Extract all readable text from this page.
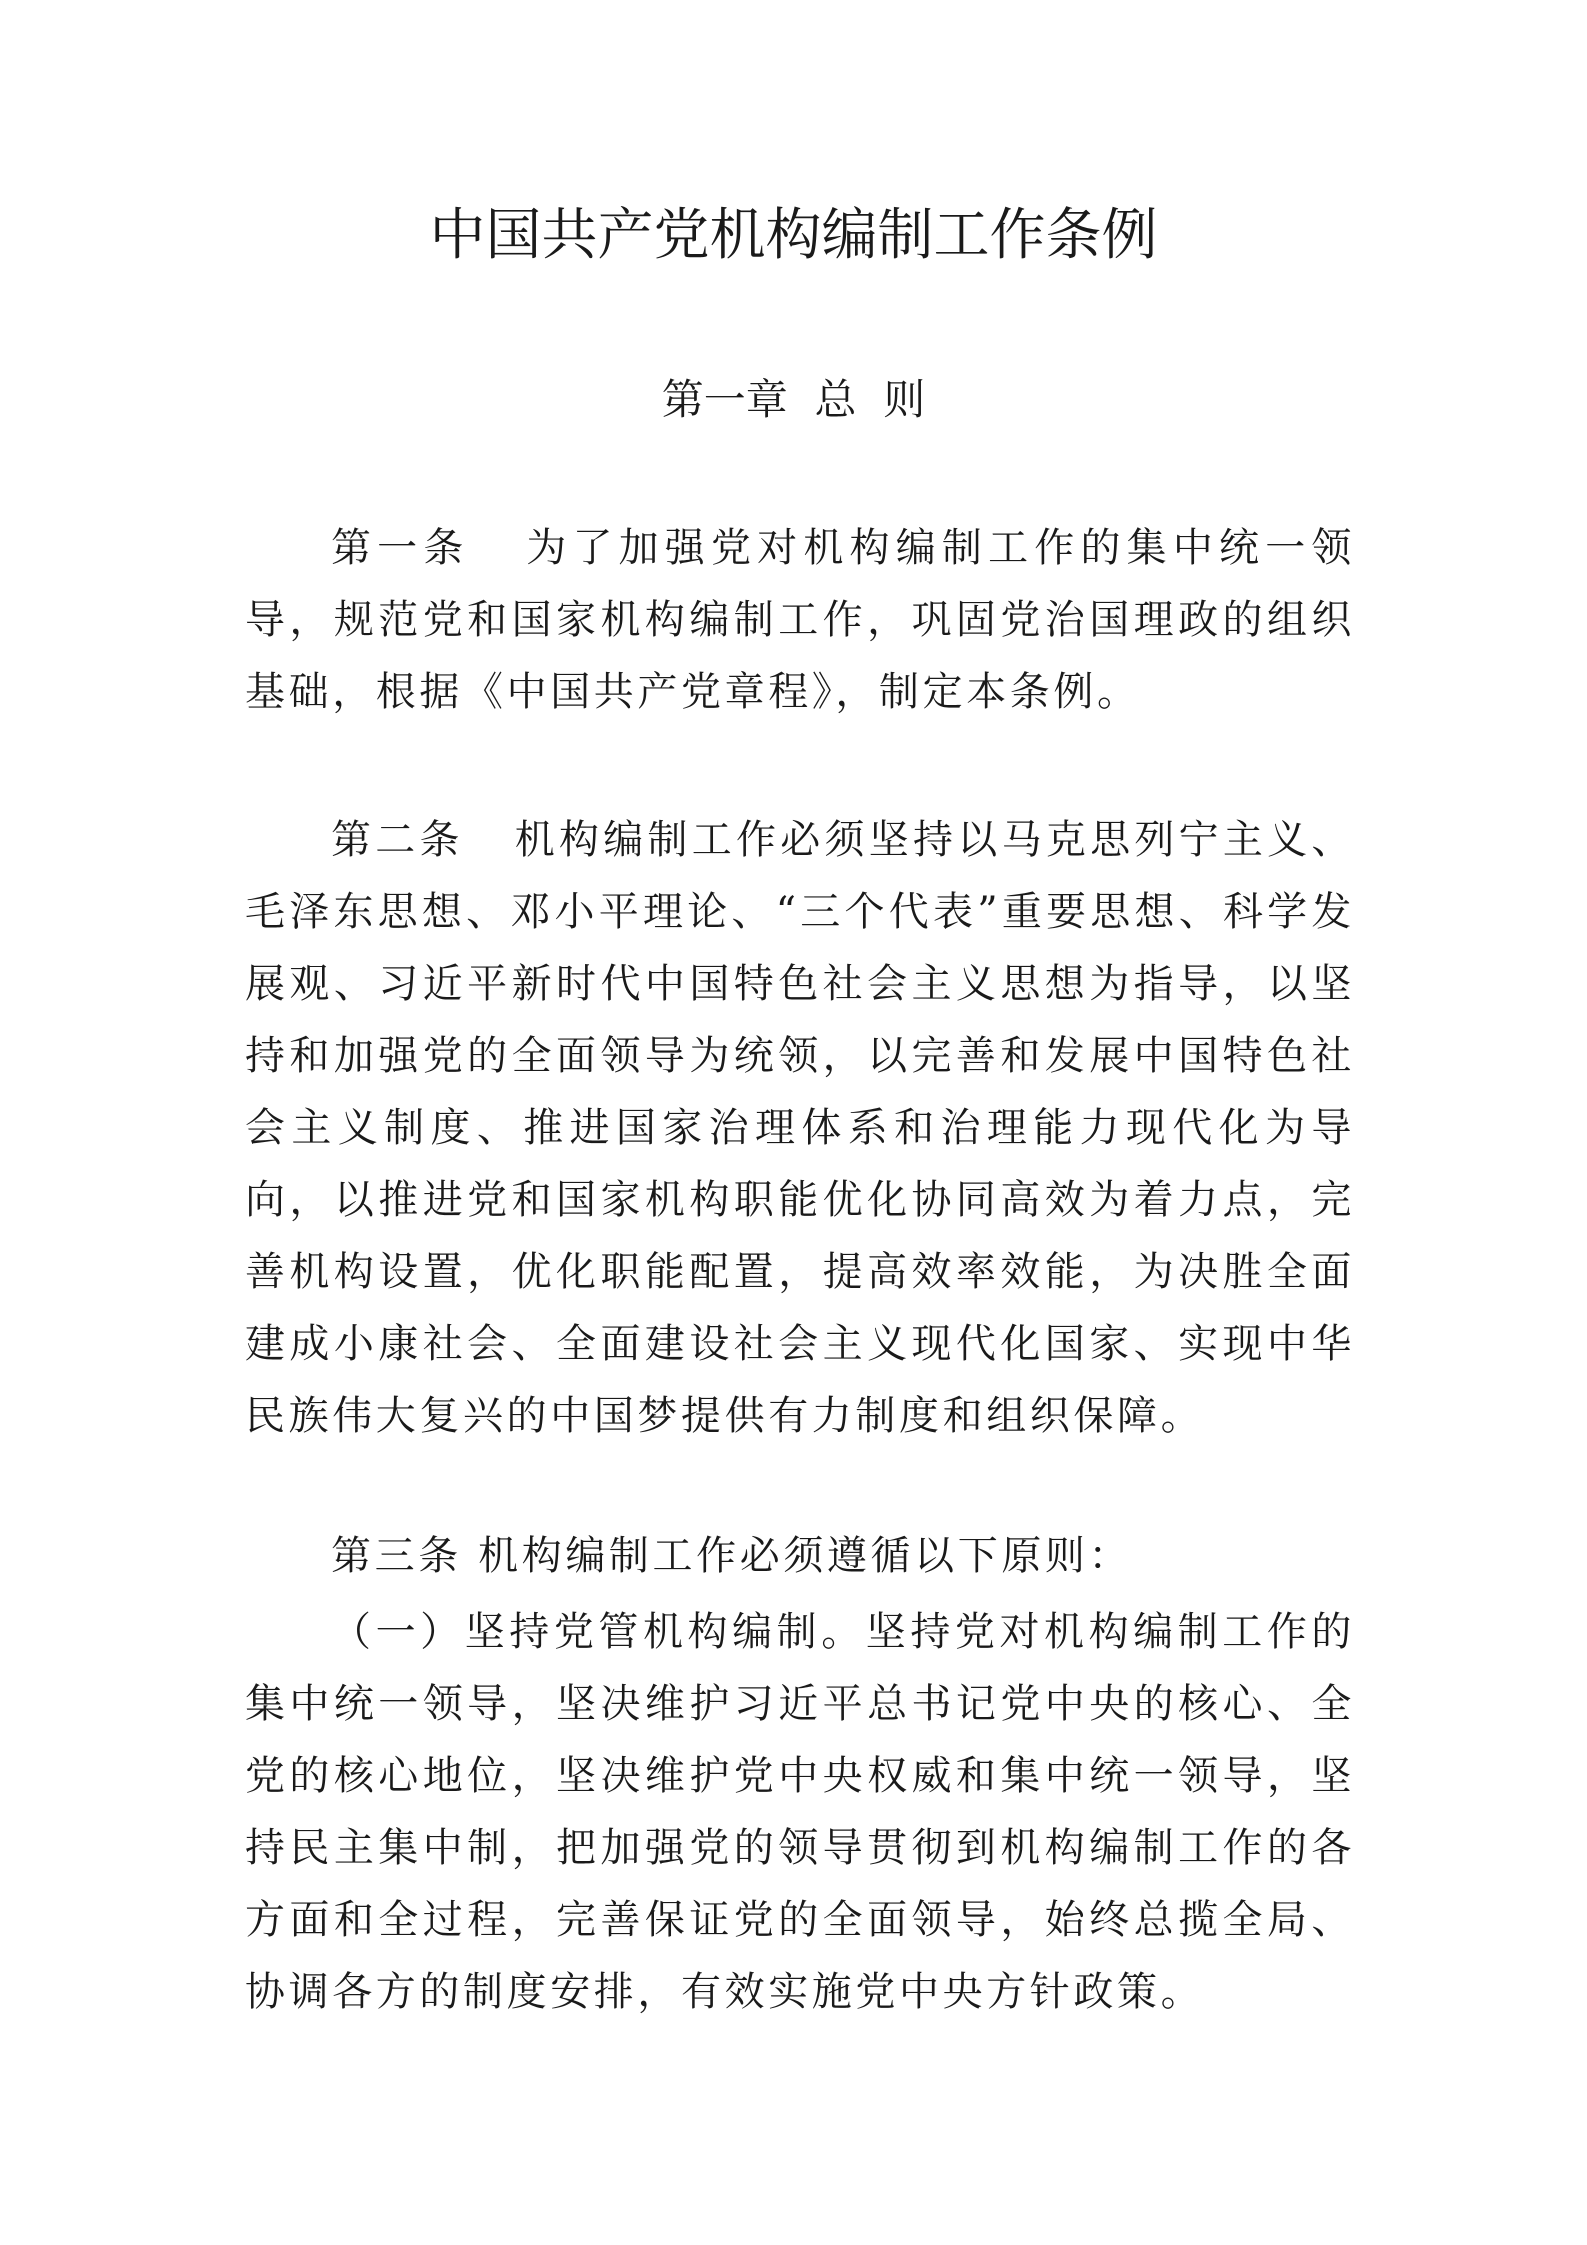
中国共产党机构编制工作条例
第一章  总  则

第一条   为了加强党对机构编制工作的集中统一领导，规范党和国家机构编制工作，巩固党治国理政的组织基础，根据《中国共产党章程》，制定本条例。

第二条   机构编制工作必须坚持以马克思列宁主义、毛泽东思想、邓小平理论、“三个代表”重要思想、科学发展观、习近平新时代中国特色社会主义思想为指导，以坚持和加强党的全面领导为统领，以完善和发展中国特色社会主义制度、推进国家治理体系和治理能力现代化为导向，以推进党和国家机构职能优化协同高效为着力点，完善机构设置，优化职能配置，提高效率效能，为决胜全面建成小康社会、全面建设社会主义现代化国家、实现中华民族伟大复兴的中国梦提供有力制度和组织保障。

第三条 机构编制工作必须遵循以下原则：

（一）坚持党管机构编制。坚持党对机构编制工作的集中统一领导，坚决维护习近平总书记党中央的核心、全党的核心地位，坚决维护党中央权威和集中统一领导，坚持民主集中制，把加强党的领导贯彻到机构编制工作的各方面和全过程，完善保证党的全面领导，始终总揽全局、协调各方的制度安排，有效实施党中央方针政策。
